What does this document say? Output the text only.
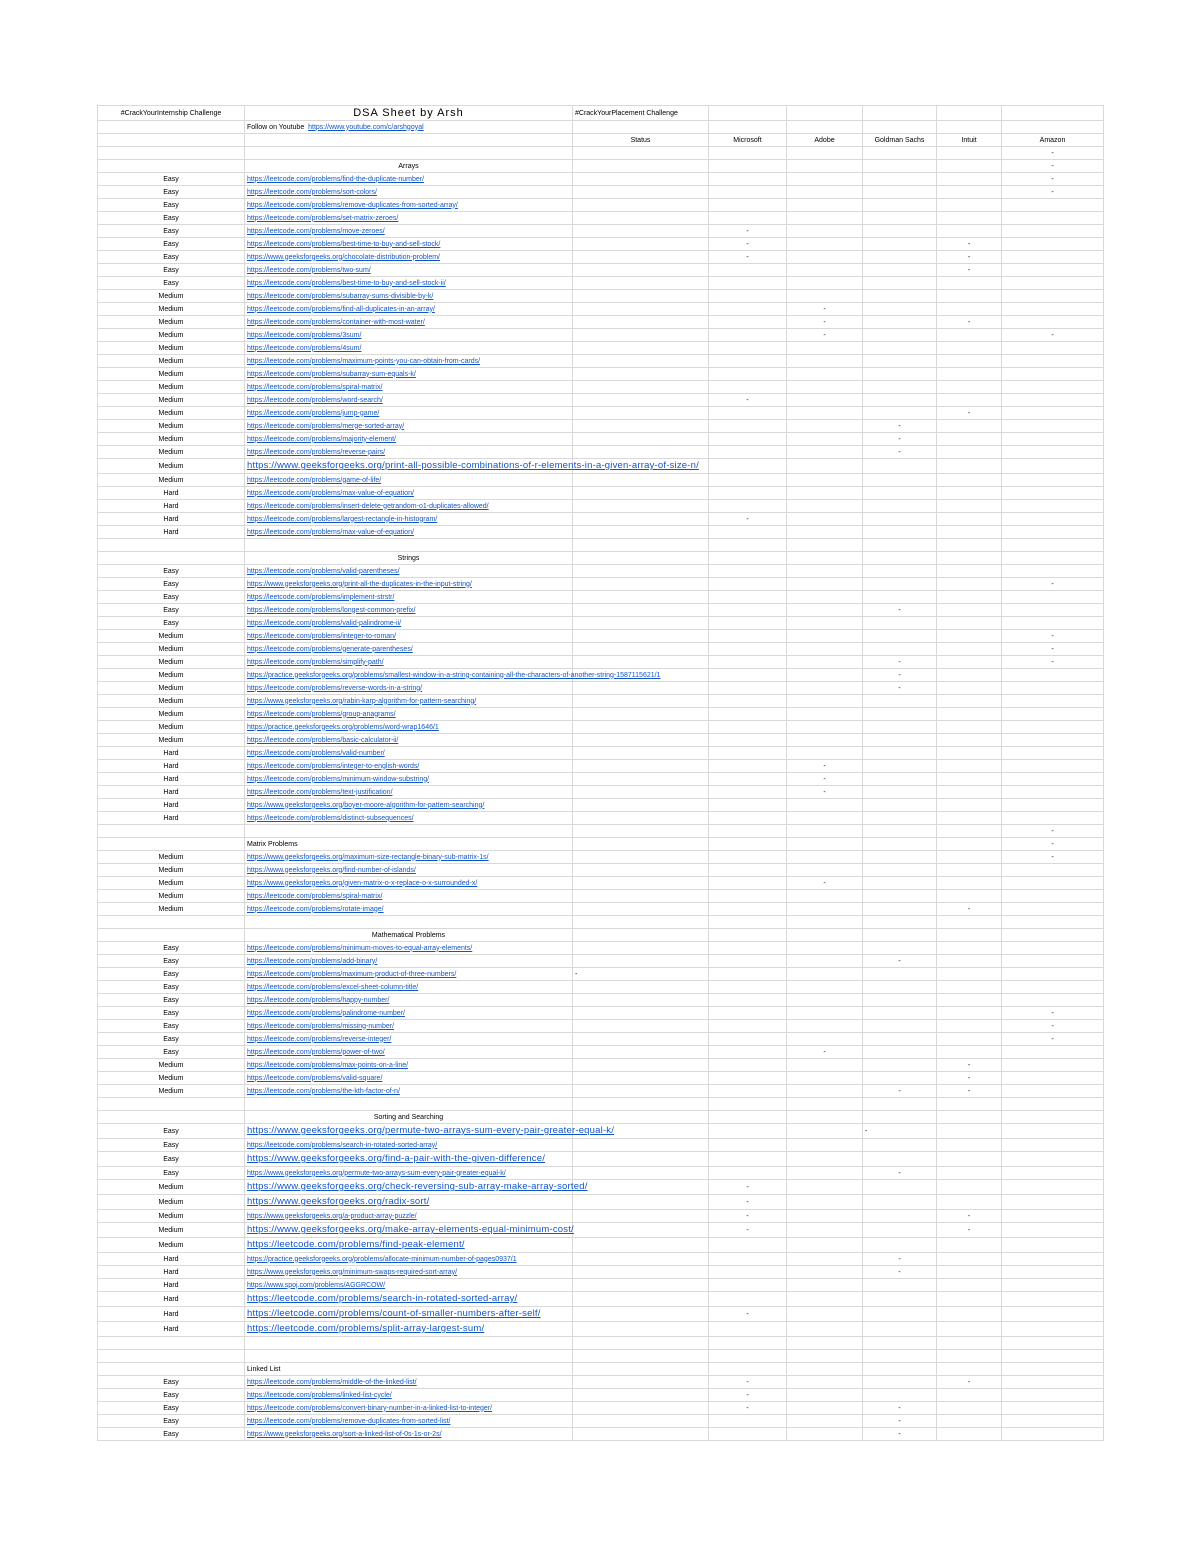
#CrackYourInternship Challenge	DSA Sheet by Arsh	#CrackYourPlacement Challenge					
	Follow on Youtube https://www.youtube.com/c/arshgoyal						
		Status	Microsoft	Adobe	Goldman Sachs	Intuit	Amazon
							-
	Arrays						-
Easy	https://leetcode.com/problems/find-the-duplicate-number/						-
Easy	https://leetcode.com/problems/sort-colors/						-
Easy	https://leetcode.com/problems/remove-duplicates-from-sorted-array/						
Easy	https://leetcode.com/problems/set-matrix-zeroes/						
Easy	https://leetcode.com/problems/move-zeroes/		-				
Easy	https://leetcode.com/problems/best-time-to-buy-and-sell-stock/		-			-	
Easy	https://www.geeksforgeeks.org/chocolate-distribution-problem/		-			-	
Easy	https://leetcode.com/problems/two-sum/					-	
Easy	https://leetcode.com/problems/best-time-to-buy-and-sell-stock-ii/						
Medium	https://leetcode.com/problems/subarray-sums-divisible-by-k/						
Medium	https://leetcode.com/problems/find-all-duplicates-in-an-array/			-			
Medium	https://leetcode.com/problems/container-with-most-water/			-		-	
Medium	https://leetcode.com/problems/3sum/			-			-
Medium	https://leetcode.com/problems/4sum/						
Medium	https://leetcode.com/problems/maximum-points-you-can-obtain-from-cards/						
Medium	https://leetcode.com/problems/subarray-sum-equals-k/						
Medium	https://leetcode.com/problems/spiral-matrix/						
Medium	https://leetcode.com/problems/word-search/		-				
Medium	https://leetcode.com/problems/jump-game/					-	
Medium	https://leetcode.com/problems/merge-sorted-array/				-		
Medium	https://leetcode.com/problems/majority-element/				-		
Medium	https://leetcode.com/problems/reverse-pairs/				-		
Medium	https://www.geeksforgeeks.org/print-all-possible-combinations-of-r-elements-in-a-given-array-of-size-n/						
Medium	https://leetcode.com/problems/game-of-life/						
Hard	https://leetcode.com/problems/max-value-of-equation/						
Hard	https://leetcode.com/problems/insert-delete-getrandom-o1-duplicates-allowed/						
Hard	https://leetcode.com/problems/largest-rectangle-in-histogram/		-				
Hard	https://leetcode.com/problems/max-value-of-equation/						

	Strings						
Easy	https://leetcode.com/problems/valid-parentheses/						
Easy	https://www.geeksforgeeks.org/print-all-the-duplicates-in-the-input-string/						-
Easy	https://leetcode.com/problems/implement-strstr/						
Easy	https://leetcode.com/problems/longest-common-prefix/				-		
Easy	https://leetcode.com/problems/valid-palindrome-ii/						
Medium	https://leetcode.com/problems/integer-to-roman/						-
Medium	https://leetcode.com/problems/generate-parentheses/						-
Medium	https://leetcode.com/problems/simplify-path/				-		-
Medium	https://practice.geeksforgeeks.org/problems/smallest-window-in-a-string-containing-all-the-characters-of-another-string-1587115621/1				-		
Medium	https://leetcode.com/problems/reverse-words-in-a-string/				-		
Medium	https://www.geeksforgeeks.org/rabin-karp-algorithm-for-pattern-searching/						
Medium	https://leetcode.com/problems/group-anagrams/						
Medium	https://practice.geeksforgeeks.org/problems/word-wrap1646/1						
Medium	https://leetcode.com/problems/basic-calculator-ii/						
Hard	https://leetcode.com/problems/valid-number/						
Hard	https://leetcode.com/problems/integer-to-english-words/			-			
Hard	https://leetcode.com/problems/minimum-window-substring/			-			
Hard	https://leetcode.com/problems/text-justification/			-			
Hard	https://www.geeksforgeeks.org/boyer-moore-algorithm-for-pattern-searching/						
Hard	https://leetcode.com/problems/distinct-subsequences/						
							-
	Matrix Problems						-
Medium	https://www.geeksforgeeks.org/maximum-size-rectangle-binary-sub-matrix-1s/						-
Medium	https://www.geeksforgeeks.org/find-number-of-islands/						
Medium	https://www.geeksforgeeks.org/given-matrix-o-x-replace-o-x-surrounded-x/			-			
Medium	https://leetcode.com/problems/spiral-matrix/						
Medium	https://leetcode.com/problems/rotate-image/					-	

	Mathematical Problems						
Easy	https://leetcode.com/problems/minimum-moves-to-equal-array-elements/						
Easy	https://leetcode.com/problems/add-binary/				-		
Easy	https://leetcode.com/problems/maximum-product-of-three-numbers/	-					
Easy	https://leetcode.com/problems/excel-sheet-column-title/						
Easy	https://leetcode.com/problems/happy-number/						
Easy	https://leetcode.com/problems/palindrome-number/						-
Easy	https://leetcode.com/problems/missing-number/						-
Easy	https://leetcode.com/problems/reverse-integer/						-
Easy	https://leetcode.com/problems/power-of-two/			-			
Medium	https://leetcode.com/problems/max-points-on-a-line/					-	
Medium	https://leetcode.com/problems/valid-square/					-	
Medium	https://leetcode.com/problems/the-kth-factor-of-n/				-	-	

	Sorting and Searching						
Easy	https://www.geeksforgeeks.org/permute-two-arrays-sum-every-pair-greater-equal-k/				-		
Easy	https://leetcode.com/problems/search-in-rotated-sorted-array/						
Easy	https://www.geeksforgeeks.org/find-a-pair-with-the-given-difference/						
Easy	https://www.geeksforgeeks.org/permute-two-arrays-sum-every-pair-greater-equal-k/				-		
Medium	https://www.geeksforgeeks.org/check-reversing-sub-array-make-array-sorted/		-				
Medium	https://www.geeksforgeeks.org/radix-sort/		-				
Medium	https://www.geeksforgeeks.org/a-product-array-puzzle/		-			-	
Medium	https://www.geeksforgeeks.org/make-array-elements-equal-minimum-cost/		-			-	
Medium	https://leetcode.com/problems/find-peak-element/						
Hard	https://practice.geeksforgeeks.org/problems/allocate-minimum-number-of-pages0937/1				-		
Hard	https://www.geeksforgeeks.org/minimum-swaps-required-sort-array/				-		
Hard	https://www.spoj.com/problems/AGGRCOW/						
Hard	https://leetcode.com/problems/search-in-rotated-sorted-array/						
Hard	https://leetcode.com/problems/count-of-smaller-numbers-after-self/		-				
Hard	https://leetcode.com/problems/split-array-largest-sum/						

	Linked List						
Easy	https://leetcode.com/problems/middle-of-the-linked-list/		-			-	
Easy	https://leetcode.com/problems/linked-list-cycle/		-				
Easy	https://leetcode.com/problems/convert-binary-number-in-a-linked-list-to-integer/		-		-		
Easy	https://leetcode.com/problems/remove-duplicates-from-sorted-list/				-		
Easy	https://www.geeksforgeeks.org/sort-a-linked-list-of-0s-1s-or-2s/				-		
